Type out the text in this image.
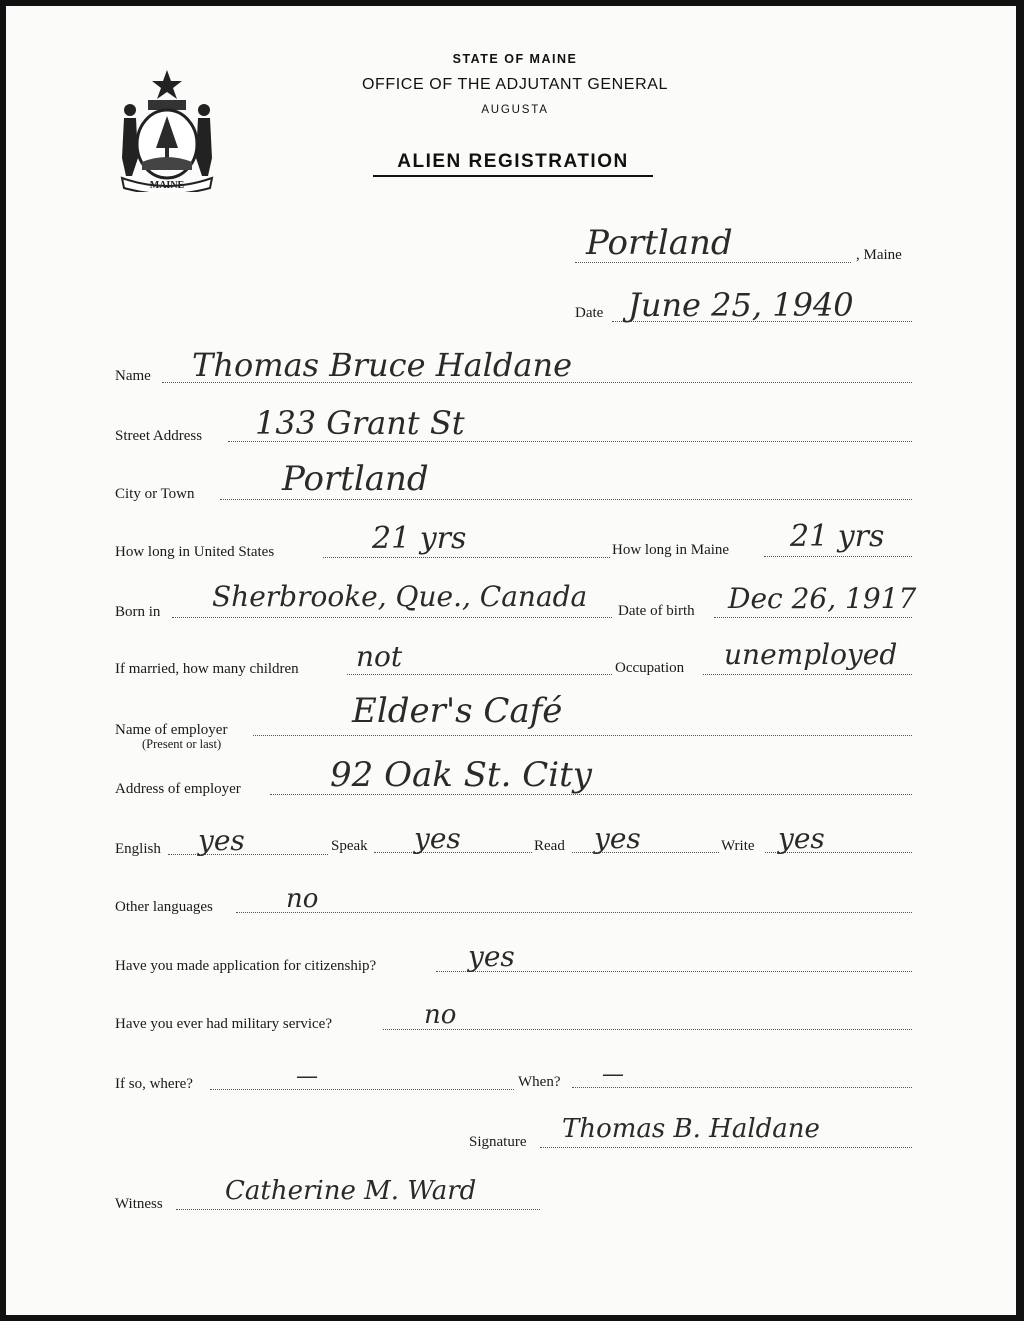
MAINE
STATE OF MAINE
OFFICE OF THE ADJUTANT GENERAL
AUGUSTA
ALIEN REGISTRATION
Portland	, Maine
Date June 25, 1940
Name Thomas Bruce Haldane
Street Address 133 Grant St
City or Town	Portland
How long in United States	21 yrs	How long in Maine 21 yrs
Born in Sherbrooke, Que., Canada Date of birth Dec 26, 1917
If married, how many children not	Occupation unemployed
Name of employer
(Present or last)
Elder's Café
Address of employer	92 Oak St. City
English yes	Speak yes	Read yes	Write yes
Other languages	no
Have you made application for citizenship?	yes
Have you ever had military service?	no
If so, where?	—	When? —
Signature Thomas B. Haldane
Witness Catherine M. Ward
